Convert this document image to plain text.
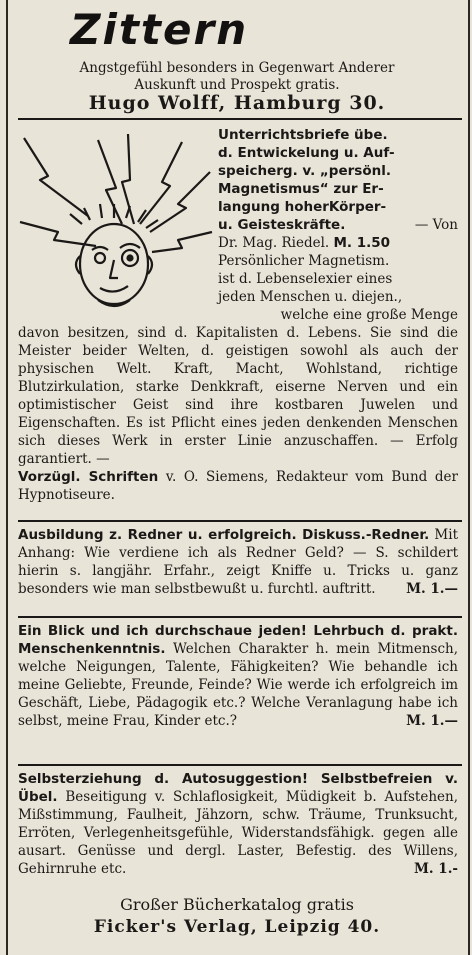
Zittern
Angstgefühl besonders in Gegenwart Anderer
Auskunft und Prospekt gratis.
Hugo Wolff, Hamburg 30.
Unterrichtsbriefe übe.
d. Entwickelung u. Auf-
speicherg. v. „persönl.
Magnetismus“ zur Er-
langung hoherKörper-
u. Geisteskräfte.	— Von
Dr. Mag. Riedel. M. 1.50
Persönlicher Magnetism.
ist d. Lebenselexier eines
jeden Menschen u. diejen.,
welche eine große Menge
davon besitzen, sind d. Kapitalisten d. Lebens. Sie sind die Meister beider Welten, d. geistigen sowohl als auch der physischen Welt. Kraft, Macht, Wohlstand, richtige Blutzirkulation, starke Denkkraft, eiserne Nerven und ein optimistischer Geist sind ihre kostbaren Juwelen und Eigenschaften. Es ist Pflicht eines jeden denkenden Menschen sich dieses Werk in erster Linie anzuschaffen. — Erfolg garantiert. —
Vorzügl. Schriften v. O. Siemens, Redakteur vom Bund der Hypnotiseure.
Ausbildung z. Redner u. erfolgreich. Diskuss.-Redner. Mit Anhang: Wie verdiene ich als Redner Geld? — S. schildert hierin s. langjähr. Erfahr., zeigt Kniffe u. Tricks u. ganz besonders wie man selbstbewußt u. furchtl. auftritt. M. 1.—
Ein Blick und ich durchschaue jeden! Lehrbuch d. prakt. Menschenkenntnis. Welchen Charakter h. mein Mitmensch, welche Neigungen, Talente, Fähigkeiten? Wie behandle ich meine Geliebte, Freunde, Feinde? Wie werde ich erfolgreich im Geschäft, Liebe, Pädagogik etc.? Welche Veranlagung habe ich selbst, meine Frau, Kinder etc.?	M. 1.—
Selbsterziehung d. Autosuggestion! Selbstbefreien v. Übel. Beseitigung v. Schlaflosigkeit, Müdigkeit b. Aufstehen, Mißstimmung, Faulheit, Jähzorn, schw. Träume, Trunksucht, Erröten, Verlegenheitsgefühle, Widerstandsfähigk. gegen alle ausart. Genüsse und dergl. Laster, Befestig. des Willens, Gehirnruhe etc.	M. 1.-
Großer Bücherkatalog gratis
Ficker's Verlag, Leipzig 40.
